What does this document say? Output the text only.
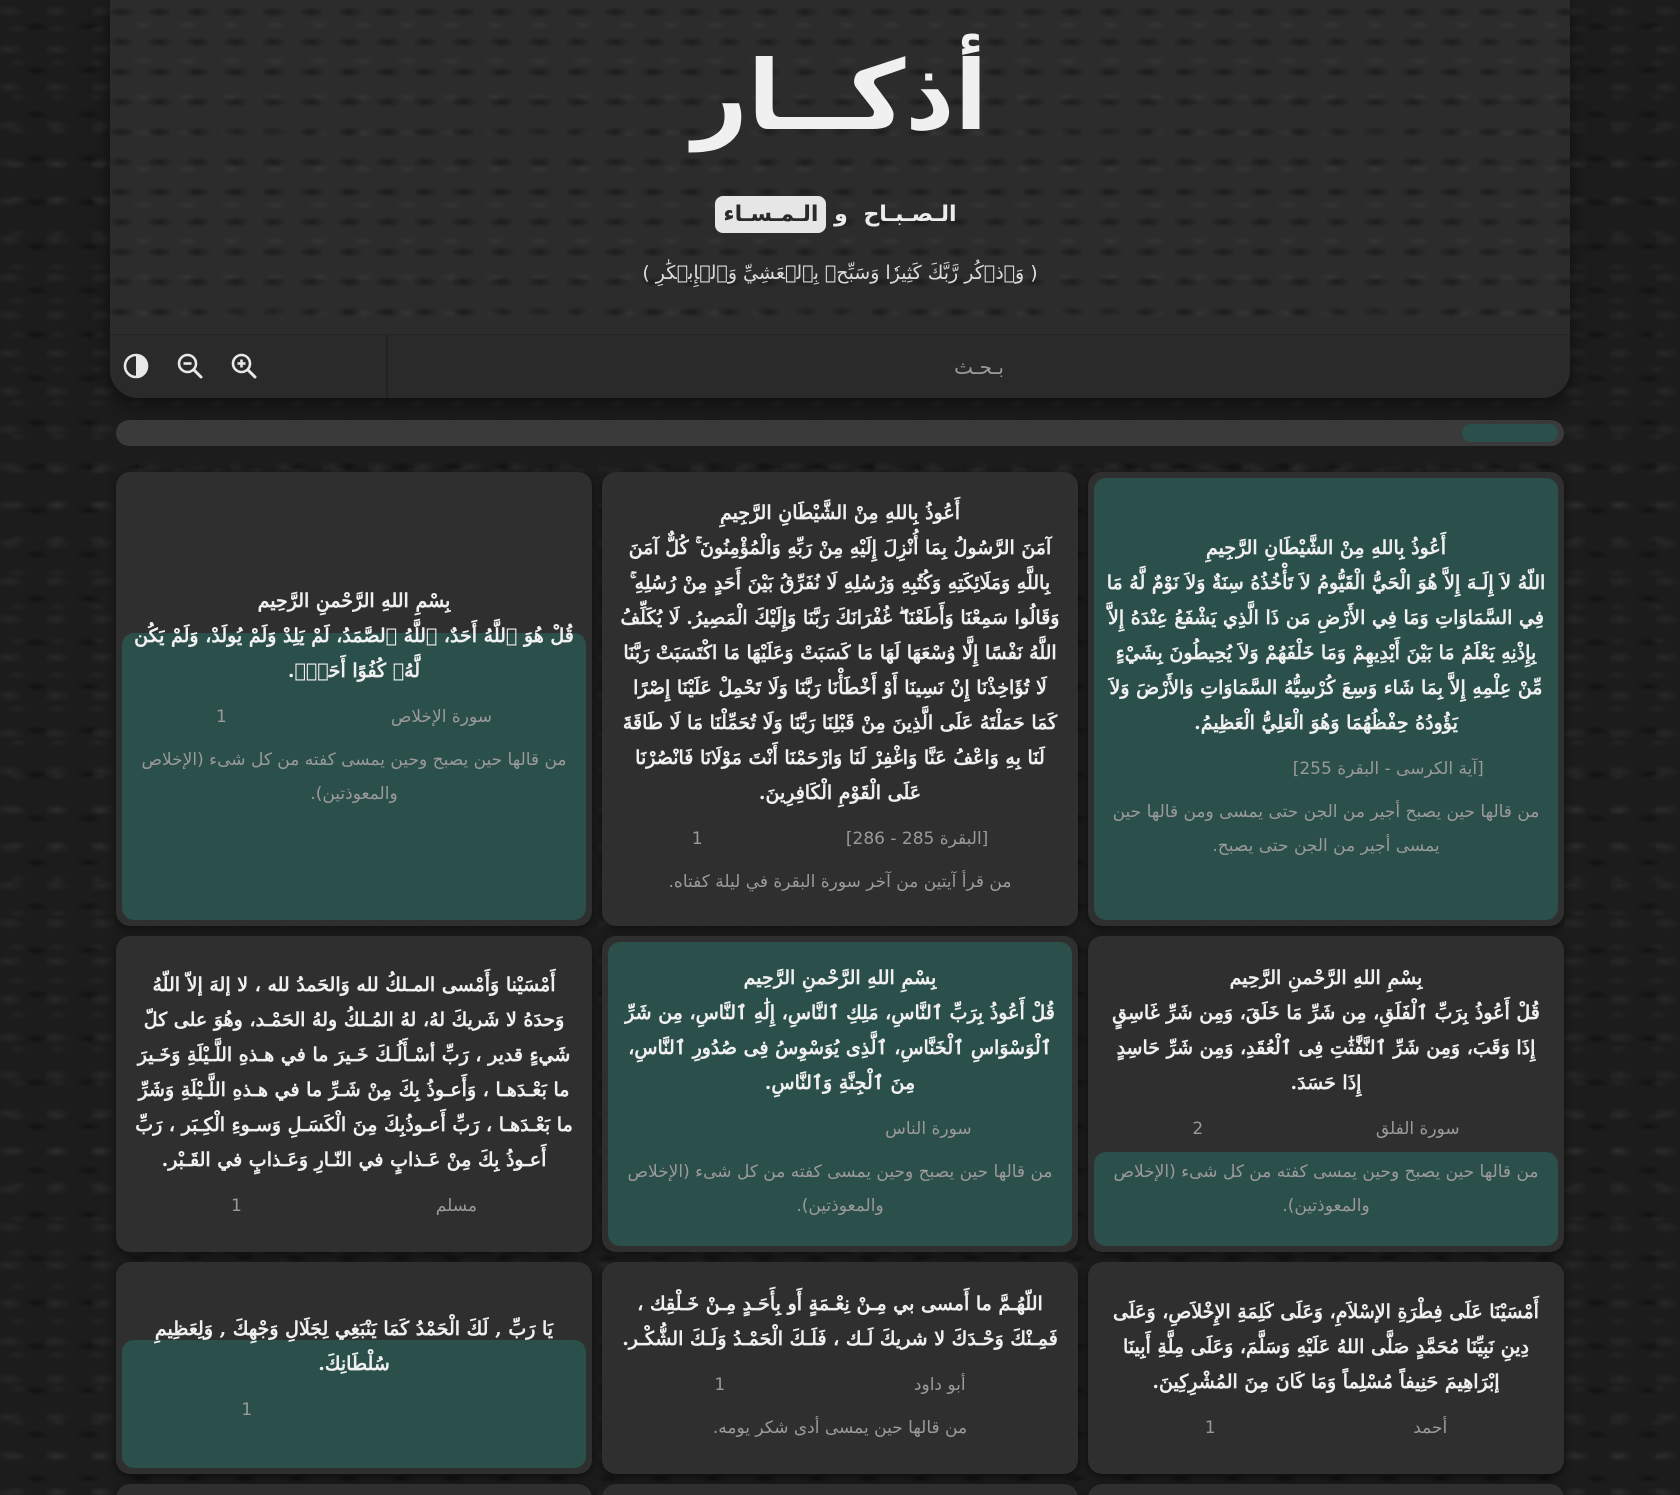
أذكــار
الـصـبـاح و الـمـسـاء
( وَٱذۡكُر رَّبَّكَ كَثِيرٗا وَسَبِّحۡ بِٱلۡعَشِيِّ وَٱلۡإِبۡكَٰرِ )
بـحـث
أَعُوذُ بِاللهِ مِنْ الشَّيْطَانِ الرَّجِيمِ
اللّهُ لاَ إِلَـهَ إِلاَّ هُوَ الْحَيُّ الْقَيُّومُ لاَ تَأْخُذُهُ سِنَةٌ وَلاَ نَوْمٌ لَّهُ مَا فِي السَّمَاوَاتِ وَمَا فِي الأَرْضِ مَن ذَا الَّذِي يَشْفَعُ عِنْدَهُ إِلاَّ بِإِذْنِهِ يَعْلَمُ مَا بَيْنَ أَيْدِيهِمْ وَمَا خَلْفَهُمْ وَلاَ يُحِيطُونَ بِشَيْءٍ مِّنْ عِلْمِهِ إِلاَّ بِمَا شَاء وَسِعَ كُرْسِيُّهُ السَّمَاوَاتِ وَالأَرْضَ وَلاَ يَؤُودُهُ حِفْظُهُمَا وَهُوَ الْعَلِيُّ الْعَظِيمُ.
[آية الكرسى - البقرة 255]
من قالها حين يصبح أجير من الجن حتى يمسى ومن قالها حين يمسى أجير من الجن حتى يصبح.
أَعُوذُ بِاللهِ مِنْ الشَّيْطَانِ الرَّجِيمِ
آمَنَ الرَّسُولُ بِمَا أُنْزِلَ إِلَيْهِ مِنْ رَبِّهِ وَالْمُؤْمِنُونَ ۚ كُلٌّ آمَنَ بِاللَّهِ وَمَلَائِكَتِهِ وَكُتُبِهِ وَرُسُلِهِ لَا نُفَرِّقُ بَيْنَ أَحَدٍ مِنْ رُسُلِهِ ۚ وَقَالُوا سَمِعْنَا وَأَطَعْنَا ۖ غُفْرَانَكَ رَبَّنَا وَإِلَيْكَ الْمَصِيرُ. لَا يُكَلِّفُ اللَّهُ نَفْسًا إِلَّا وُسْعَهَا لَهَا مَا كَسَبَتْ وَعَلَيْهَا مَا اكْتَسَبَتْ رَبَّنَا لَا تُؤَاخِذْنَا إِنْ نَسِينَا أَوْ أَخْطَأْنَا رَبَّنَا وَلَا تَحْمِلْ عَلَيْنَا إِصْرًا كَمَا حَمَلْتَهُ عَلَى الَّذِينَ مِنْ قَبْلِنَا رَبَّنَا وَلَا تُحَمِّلْنَا مَا لَا طَاقَةَ لَنَا بِهِ وَاعْفُ عَنَّا وَاغْفِرْ لَنَا وَارْحَمْنَا أَنْتَ مَوْلَانَا فَانْصُرْنَا عَلَى الْقَوْمِ الْكَافِرِينَ.
[البقرة 285 - 286]
1
من قرأ آيتين من آخر سورة البقرة في ليلة كفتاه.
بِسْمِ اللهِ الرَّحْمنِ الرَّحِيم
قُلْ هُوَ ٱللَّهُ أَحَدٌ، ٱللَّهُ ٱلصَّمَدُ، لَمْ يَلِدْ وَلَمْ يُولَدْ، وَلَمْ يَكُن لَّهُۥ كُفُوًا أَحَدٌۢ.
سورة الإخلاص
1
من قالها حين يصبح وحين يمسى كفته من كل شىء (الإخلاص والمعوذتين).
بِسْمِ اللهِ الرَّحْمنِ الرَّحِيم
قُلْ أَعُوذُ بِرَبِّ ٱلْفَلَقِ، مِن شَرِّ مَا خَلَقَ، وَمِن شَرِّ غَاسِقٍ إِذَا وَقَبَ، وَمِن شَرِّ ٱلنَّفَّٰثَٰتِ فِى ٱلْعُقَدِ، وَمِن شَرِّ حَاسِدٍ إِذَا حَسَدَ.
سورة الفلق
2
من قالها حين يصبح وحين يمسى كفته من كل شىء (الإخلاص والمعوذتين).
بِسْمِ اللهِ الرَّحْمنِ الرَّحِيم
قُلْ أَعُوذُ بِرَبِّ ٱلنَّاسِ، مَلِكِ ٱلنَّاسِ، إِلَٰهِ ٱلنَّاسِ، مِن شَرِّ ٱلْوَسْوَاسِ ٱلْخَنَّاسِ، ٱلَّذِى يُوَسْوِسُ فِى صُدُورِ ٱلنَّاسِ، مِنَ ٱلْجِنَّةِ وَٱلنَّاسِ.
سورة الناس
من قالها حين يصبح وحين يمسى كفته من كل شىء (الإخلاص والمعوذتين).
أَمْسَيْنا وَأَمْسى المـلكُ لله وَالحَمدُ لله ، لا إلهَ إلاّ اللّهُ وَحدَهُ لا شَريكَ لهُ، لهُ المُـلكُ ولهُ الحَمْـد، وهُوَ على كلّ شَيءٍ قدير ، رَبِّ أسْـأَلُـكَ خَـيرَ ما في هـذهِ اللَّـيْلَةِ وَخَـيرَ ما بَعْـدَهـا ، وَأَعـوذُ بِكَ مِنْ شَـرِّ ما في هـذهِ اللَّـيْلَةِ وَشَرِّ ما بَعْـدَهـا ، رَبِّ أَعـوذُبِكَ مِنَ الْكَسَـلِ وَسـوءِ الْكِـبَر ، رَبِّ أَعـوذُ بِكَ مِنْ عَـذابٍ في النّـارِ وَعَـذابٍ في القَـبْر.
مسلم
1
أَمْسَيْنَا عَلَى فِطْرَةِ الإسْلاَمِ، وَعَلَى كَلِمَةِ الإِخْلاَصِ، وَعَلَى دِينِ نَبِيِّنَا مُحَمَّدٍ صَلَّى اللهُ عَلَيْهِ وَسَلَّمَ، وَعَلَى مِلَّةِ أَبِينَا إبْرَاهِيمَ حَنِيفاً مُسْلِماً وَمَا كَانَ مِنَ المُشْرِكِينَ.
أحمد
1
اللّهُـمَّ ما أَمسى بي مِـنْ نِعْـمَةٍ أَو بِأَحَـدٍ مِـنْ خَـلْقِك ، فَمِـنْكَ وَحْـدَكَ لا شريكَ لَـك ، فَلَـكَ الْحَمْـدُ وَلَـكَ الشُّكْـر.
أبو داود
1
من قالها حين يمسى أدى شكر يومه.
يَا رَبِّ , لَكَ الْحَمْدُ كَمَا يَنْبَغِي لِجَلَالِ وَجْهِكَ , وَلِعَظِيمِ سُلْطَانِكَ.
1
